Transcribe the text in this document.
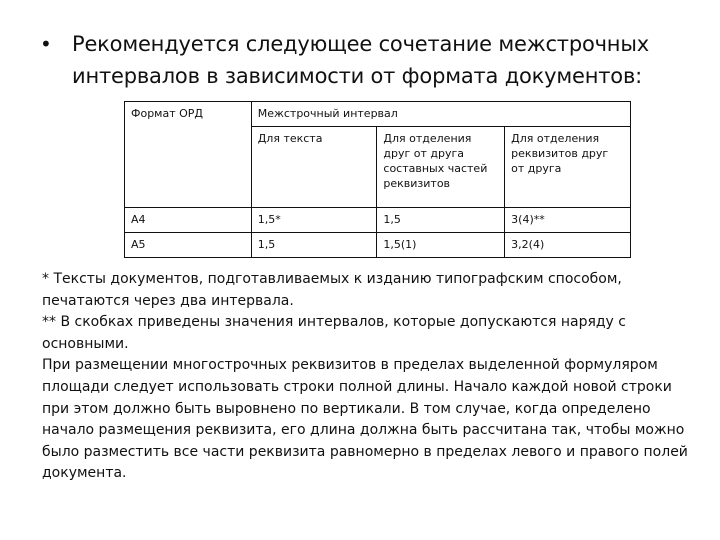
• Рекомендуется следующее сочетание межстрочных интервалов в зависимости от формата документов:
Формат ОРД	Межстрочный интервал		
	Для текста	Для отделения друг от друга составных частей реквизитов	Для отделения реквизитов друг от друга
А4	1,5*	1,5	3(4)**
А5	1,5	1,5(1)	3,2(4)

* Тексты документов, подготавливаемых к изданию типографским способом, печатаются через два интервала.

** В скобках приведены значения интервалов, которые допускаются наряду с основными.

При размещении многострочных реквизитов в пределах выделенной формуляром площади следует использовать строки полной длины. Начало каждой новой строки при этом должно быть выровнено по вертикали. В том случае, когда определено начало размещения реквизита, его длина должна быть рассчитана так, чтобы можно было разместить все части реквизита равномерно в пределах левого и правого полей документа.
